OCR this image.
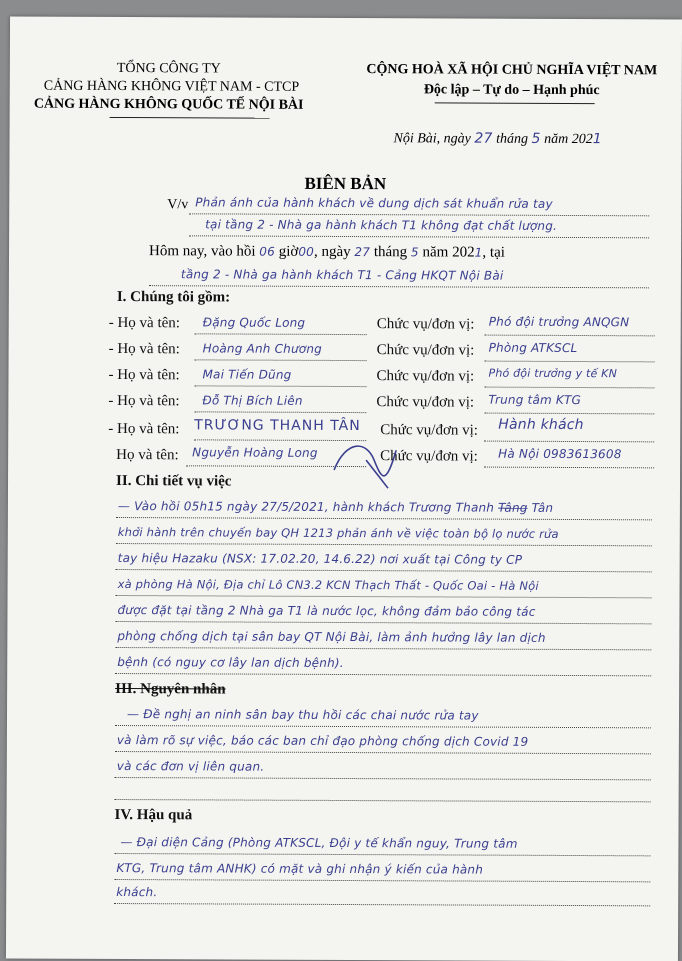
TỔNG CÔNG TY
CẢNG HÀNG KHÔNG VIỆT NAM - CTCP
CẢNG HÀNG KHÔNG QUỐC TẾ NỘI BÀI
CỘNG HOÀ XÃ HỘI CHỦ NGHĨA VIỆT NAM
Độc lập – Tự do – Hạnh phúc
Nội Bài, ngày 27 tháng 5 năm 2021
BIÊN BẢN
V/v Phản ánh của hành khách về dung dịch sát khuẩn rửa tay
tại tầng 2 - Nhà ga hành khách T1 không đạt chất lượng.
Hôm nay, vào hồi 06 giờ00, ngày 27 tháng 5 năm 2021, tại
tầng 2 - Nhà ga hành khách T1 - Cảng HKQT Nội Bài
I. Chúng tôi gồm:
- Họ và tên: Đặng Quốc Long	Chức vụ/đơn vị: Phó đội trưởng ANQGN
- Họ và tên: Hoàng Anh Chương	Chức vụ/đơn vị: Phòng ATKSCL
- Họ và tên: Mai Tiến Dũng	Chức vụ/đơn vị: Phó đội trưởng y tế KN
- Họ và tên: Đỗ Thị Bích Liên	Chức vụ/đơn vị: Trung tâm KTG
- Họ và tên: TRƯƠNG THANH TÂN Chức vụ/đơn vị: Hành khách
Họ và tên: Nguyễn Hoàng Long	Chức vụ/đơn vị: Hà Nội 0983613608
II. Chi tiết vụ việc
— Vào hồi 05h15 ngày 27/5/2021, hành khách Trương Thanh Tâng Tân
khởi hành trên chuyến bay QH 1213 phản ánh về việc toàn bộ lọ nước rửa
tay hiệu Hazaku (NSX: 17.02.20, 14.6.22) nơi xuất tại Công ty CP
xà phòng Hà Nội, Địa chỉ Lô CN3.2 KCN Thạch Thất - Quốc Oai - Hà Nội
được đặt tại tầng 2 Nhà ga T1 là nước lọc, không đảm bảo công tác
phòng chống dịch tại sân bay QT Nội Bài, làm ảnh hưởng lây lan dịch
bệnh (có nguy cơ lây lan dịch bệnh).
III. Nguyên nhân
— Đề nghị an ninh sân bay thu hồi các chai nước rửa tay
và làm rõ sự việc, báo các ban chỉ đạo phòng chống dịch Covid 19
và các đơn vị liên quan.
IV. Hậu quả
— Đại diện Cảng (Phòng ATKSCL, Đội y tế khẩn nguy, Trung tâm
KTG, Trung tâm ANHK) có mặt và ghi nhận ý kiến của hành
khách.
